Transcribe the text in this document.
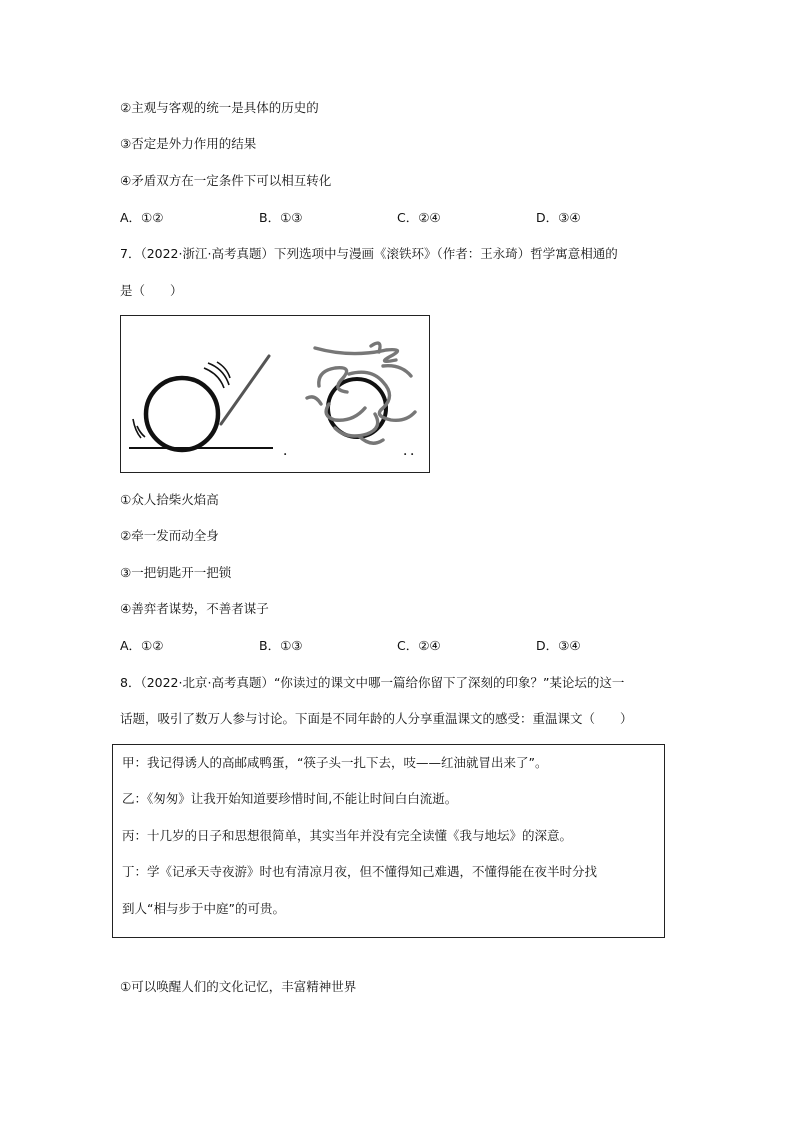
②主观与客观的统一是具体的历史的
③否定是外力作用的结果
④矛盾双方在一定条件下可以相互转化
A．①②	B．①③	C．②④	D．③④
7．（2022·浙江·高考真题）下列选项中与漫画《滚铁环》（作者：王永琦）哲学寓意相通的
是（　　）
．	．．
①众人拾柴火焰高
②牵一发而动全身
③一把钥匙开一把锁
④善弈者谋势，不善者谋子
A．①②	B．①③	C．②④	D．③④
8．（2022·北京·高考真题）“你读过的课文中哪一篇给你留下了深刻的印象？”某论坛的这一
话题，吸引了数万人参与讨论。下面是不同年龄的人分享重温课文的感受：重温课文（　　）
甲：我记得诱人的高邮咸鸭蛋，“筷子头一扎下去，吱——红油就冒出来了”。
乙：《匆匆》让我开始知道要珍惜时间,不能让时间白白流逝。
丙：十几岁的日子和思想很简单，其实当年并没有完全读懂《我与地坛》的深意。
丁：学《记承天寺夜游》时也有清凉月夜，但不懂得知己难遇，不懂得能在夜半时分找
到人“相与步于中庭”的可贵。
①可以唤醒人们的文化记忆，丰富精神世界
